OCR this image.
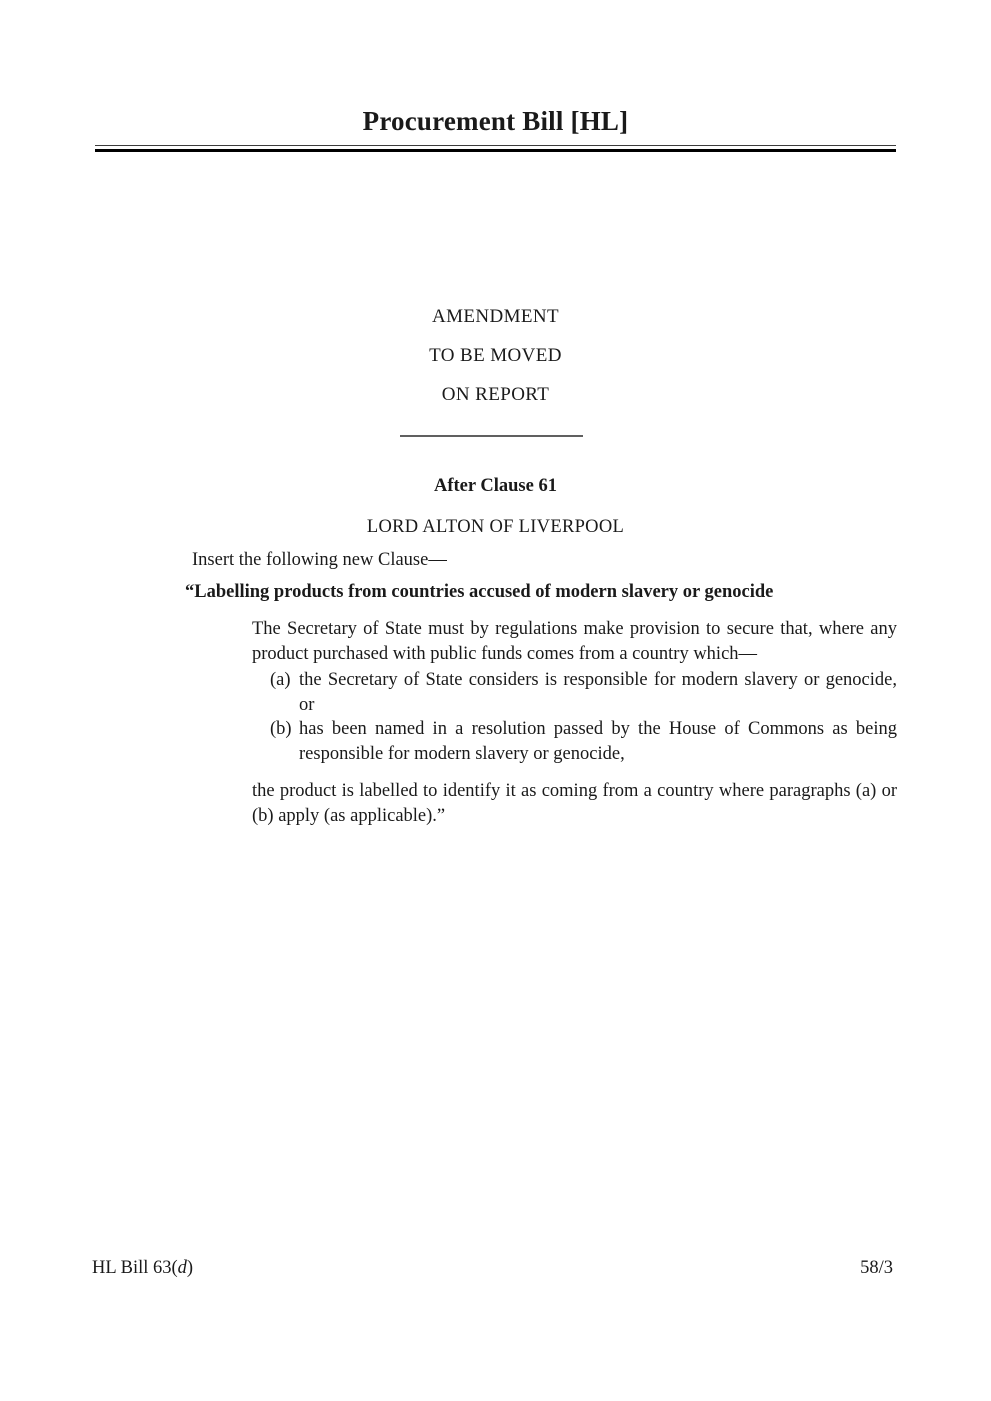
Procurement Bill [HL]
AMENDMENT
TO BE MOVED
ON REPORT
After Clause 61
LORD ALTON OF LIVERPOOL

Insert the following new Clause—

“Labelling products from countries accused of modern slavery or genocide

The Secretary of State must by regulations make provision to secure that, where any product purchased with public funds comes from a country which—

(a) the Secretary of State considers is responsible for modern slavery or genocide, or
(b) has been named in a resolution passed by the House of Commons as being responsible for modern slavery or genocide,

the product is labelled to identify it as coming from a country where paragraphs (a) or (b) apply (as applicable).”

HL Bill 63(d)	58/3
